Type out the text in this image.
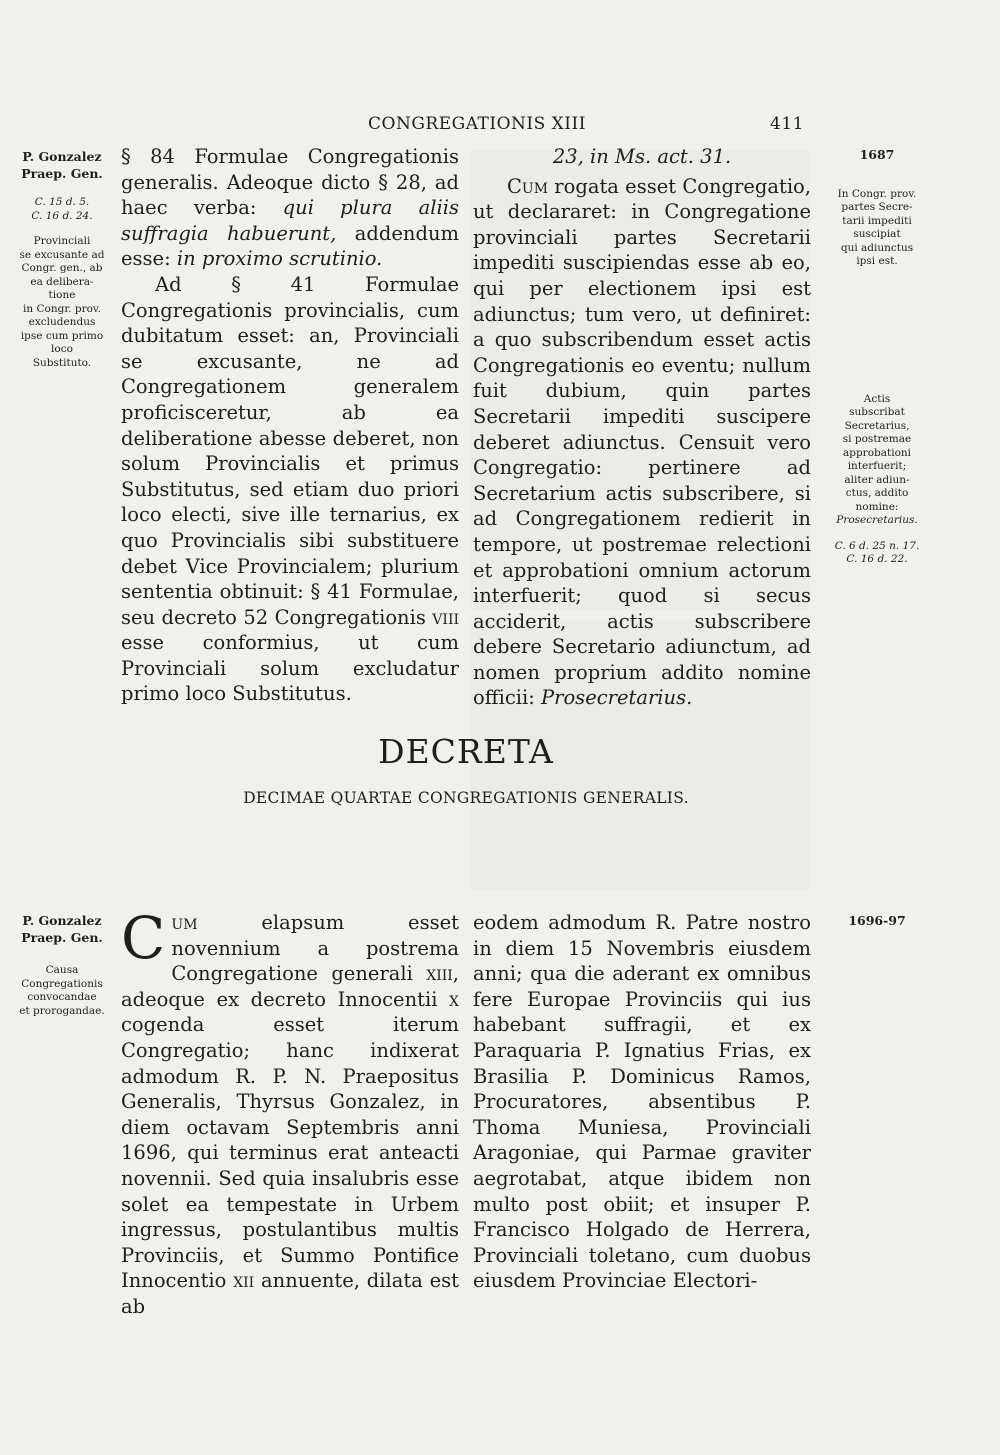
CONGREGATIONIS XIII	411

P. Gonzalez
Praep. Gen.

C. 15 d. 5.

C. 16 d. 24.

Provinciali

se excusante ad

Congr. gen., ab

ea delibera-

tione

in Congr. prov.

excludendus

ipse cum primo

loco

Substituto.

§ 84 Formulae Congregationis generalis. Adeoque dicto § 28, ad haec verba: qui plura aliis suffragia habuerunt, addendum esse: in proximo scrutinio.

Ad § 41 Formulae Congregationis provincialis, cum dubitatum esset: an, Provinciali se excusante, ne ad Congregationem generalem proficisceretur, ab ea deliberatione abesse deberet, non solum Provincialis et primus Substitutus, sed etiam duo priori loco electi, sive ille ternarius, ex quo Provincialis sibi substituere debet Vice Provincialem; plurium sententia obtinuit: § 41 Formulae, seu decreto 52 Congregationis viii esse conformius, ut cum Provinciali solum excludatur primo loco Substitutus.

23, in Ms. act. 31.

Cum rogata esset Congregatio, ut declararet: in Congregatione provinciali partes Secretarii impediti suscipiendas esse ab eo, qui per electionem ipsi est adiunctus; tum vero, ut definiret: a quo subscribendum esset actis Congregationis eo eventu; nullum fuit dubium, quin partes Secretarii impediti suscipere deberet adiunctus. Censuit vero Congregatio: pertinere ad Secretarium actis subscribere, si ad Congregationem redierit in tempore, ut postremae relectioni et approbationi omnium actorum interfuerit; quod si secus acciderit, actis subscribere debere Secretario adiunctum, ad nomen proprium addito nomine officii: Prosecretarius.

1687

In Congr. prov.

partes Secre-

tarii impediti

suscipiat

qui adiunctus

ipsi est.

Actis

subscribat

Secretarius,

si postremae

approbationi

interfuerit;

aliter adiun-

ctus, addito

nomine:

Prosecretarius.

C. 6 d. 25 n. 17.

C. 16 d. 22.

DECRETA
DECIMAE QUARTAE CONGREGATIONIS GENERALIS.

P. Gonzalez
Praep. Gen.

Causa

Congregationis

convocandae

et prorogandae.

Cum elapsum esset novennium a postrema Congregatione generali xiii, adeoque ex decreto Innocentii x cogenda esset iterum Congregatio; hanc indixerat admodum R. P. N. Praepositus Generalis, Thyrsus Gonzalez, in diem octavam Septembris anni 1696, qui terminus erat anteacti novennii. Sed quia insalubris esse solet ea tempestate in Urbem ingressus, postulantibus multis Provinciis, et Summo Pontifice Innocentio xii annuente, dilata est ab

eodem admodum R. Patre nostro in diem 15 Novembris eiusdem anni; qua die aderant ex omnibus fere Europae Provinciis qui ius habebant suffragii, et ex Paraquaria P. Ignatius Frias, ex Brasilia P. Dominicus Ramos, Procuratores, absentibus P. Thoma Muniesa, Provinciali Aragoniae, qui Parmae graviter aegrotabat, atque ibidem non multo post obiit; et insuper P. Francisco Holgado de Herrera, Provinciali toletano, cum duobus eiusdem Provinciae Electori-

1696-97
